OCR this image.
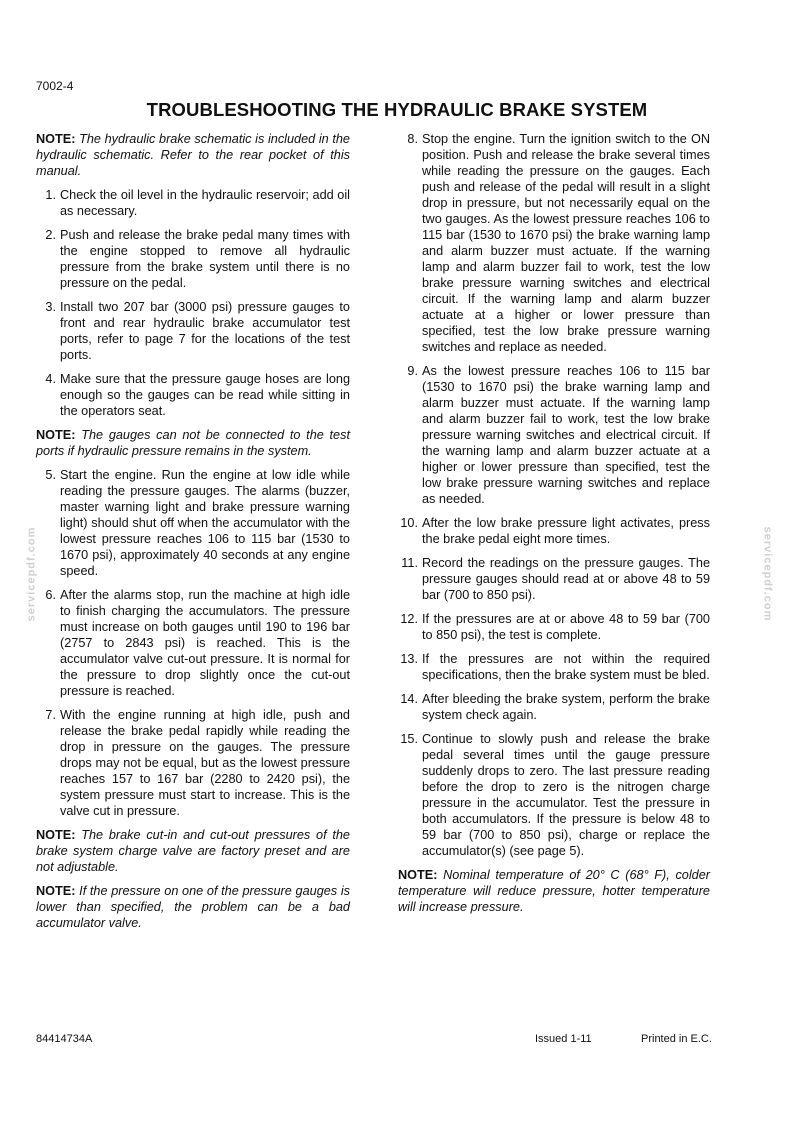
7002-4
TROUBLESHOOTING THE HYDRAULIC BRAKE SYSTEM

NOTE: The hydraulic brake schematic is included in the hydraulic schematic. Refer to the rear pocket of this manual.

1. Check the oil level in the hydraulic reservoir; add oil as necessary.
2. Push and release the brake pedal many times with the engine stopped to remove all hydraulic pressure from the brake system until there is no pressure on the pedal.
3. Install two 207 bar (3000 psi) pressure gauges to front and rear hydraulic brake accumulator test ports, refer to page 7 for the locations of the test ports.
4. Make sure that the pressure gauge hoses are long enough so the gauges can be read while sitting in the operators seat.

NOTE: The gauges can not be connected to the test ports if hydraulic pressure remains in the system.

5. Start the engine. Run the engine at low idle while reading the pressure gauges. The alarms (buzzer, master warning light and brake pressure warning light) should shut off when the accumulator with the lowest pressure reaches 106 to 115 bar (1530 to 1670 psi), approximately 40 seconds at any engine speed.
6. After the alarms stop, run the machine at high idle to finish charging the accumulators. The pressure must increase on both gauges until 190 to 196 bar (2757 to 2843 psi) is reached. This is the accumulator valve cut-out pressure. It is normal for the pressure to drop slightly once the cut-out pressure is reached.
7. With the engine running at high idle, push and release the brake pedal rapidly while reading the drop in pressure on the gauges. The pressure drops may not be equal, but as the lowest pressure reaches 157 to 167 bar (2280 to 2420 psi), the system pressure must start to increase. This is the valve cut in pressure.

NOTE: The brake cut-in and cut-out pressures of the brake system charge valve are factory preset and are not adjustable.

NOTE: If the pressure on one of the pressure gauges is lower than specified, the problem can be a bad accumulator valve.

8. Stop the engine. Turn the ignition switch to the ON position. Push and release the brake several times while reading the pressure on the gauges. Each push and release of the pedal will result in a slight drop in pressure, but not necessarily equal on the two gauges. As the lowest pressure reaches 106 to 115 bar (1530 to 1670 psi) the brake warning lamp and alarm buzzer must actuate. If the warning lamp and alarm buzzer fail to work, test the low brake pressure warning switches and electrical circuit. If the warning lamp and alarm buzzer actuate at a higher or lower pressure than specified, test the low brake pressure warning switches and replace as needed.
9. As the lowest pressure reaches 106 to 115 bar (1530 to 1670 psi) the brake warning lamp and alarm buzzer must actuate. If the warning lamp and alarm buzzer fail to work, test the low brake pressure warning switches and electrical circuit. If the warning lamp and alarm buzzer actuate at a higher or lower pressure than specified, test the low brake pressure warning switches and replace as needed.
10. After the low brake pressure light activates, press the brake pedal eight more times.
11. Record the readings on the pressure gauges. The pressure gauges should read at or above 48 to 59 bar (700 to 850 psi).
12. If the pressures are at or above 48 to 59 bar (700 to 850 psi), the test is complete.
13. If the pressures are not within the required specifications, then the brake system must be bled.
14. After bleeding the brake system, perform the brake system check again.
15. Continue to slowly push and release the brake pedal several times until the gauge pressure suddenly drops to zero. The last pressure reading before the drop to zero is the nitrogen charge pressure in the accumulator. Test the pressure in both accumulators. If the pressure is below 48 to 59 bar (700 to 850 psi), charge or replace the accumulator(s) (see page 5).

NOTE: Nominal temperature of 20° C (68° F), colder temperature will reduce pressure, hotter temperature will increase pressure.

servicepdf.com	servicepdf.com
84414734A	Issued 1-11	Printed in E.C.
